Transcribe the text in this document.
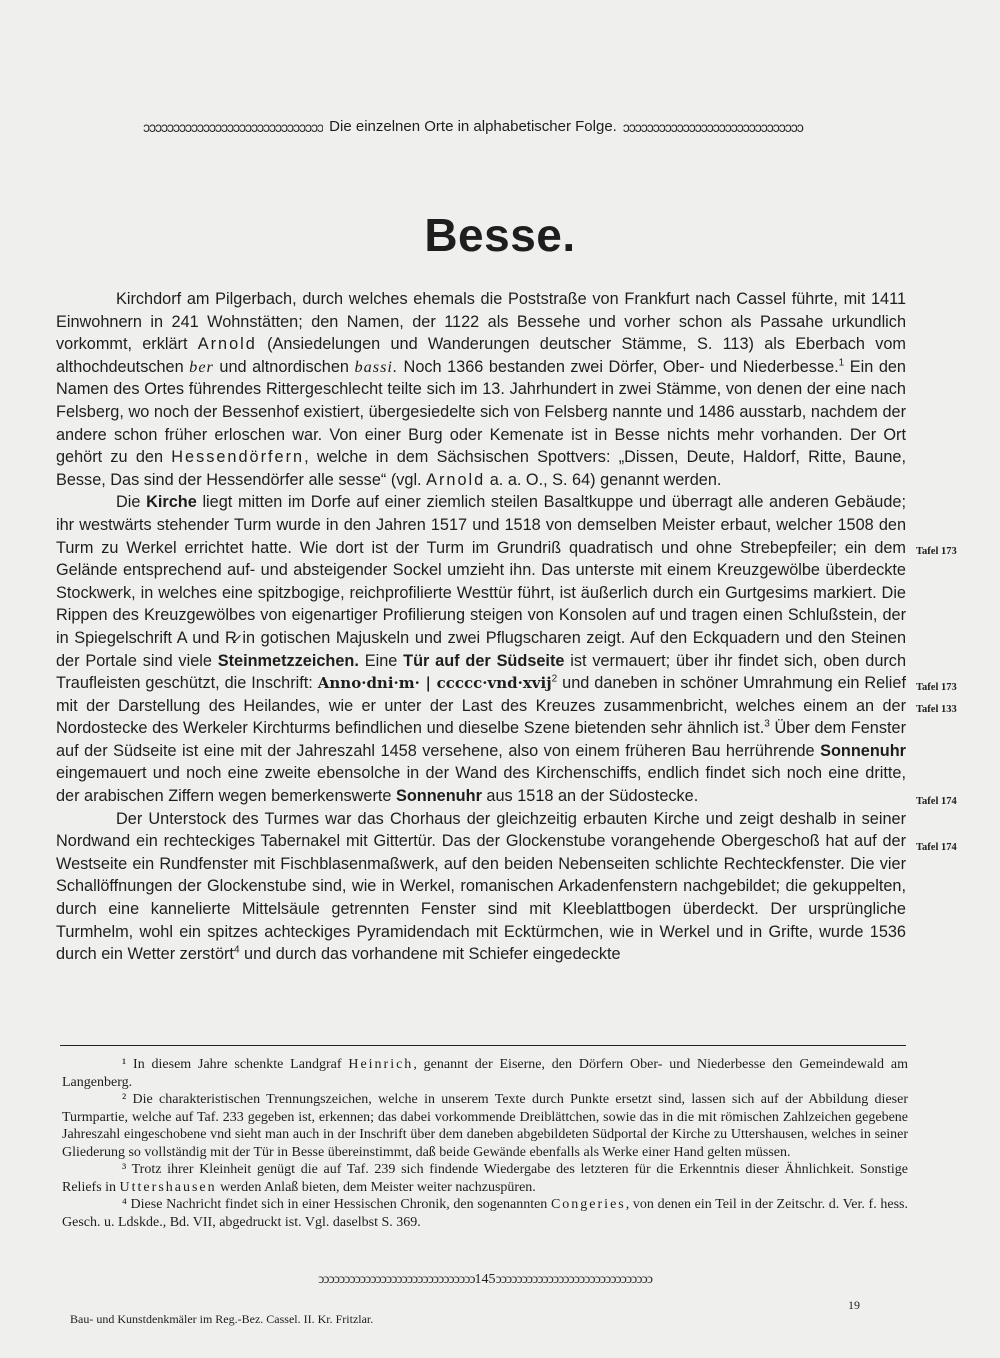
ↄↄↄↄↄↄↄↄↄↄↄↄↄↄↄↄↄↄↄↄↄↄↄↄↄↄↄↄↄↄ Die einzelnen Orte in alphabetischer Folge. ↄↄↄↄↄↄↄↄↄↄↄↄↄↄↄↄↄↄↄↄↄↄↄↄↄↄↄↄↄↄ
Besse.

Kirchdorf am Pilgerbach, durch welches ehemals die Poststraße von Frankfurt nach Cassel führte, mit 1411 Einwohnern in 241 Wohnstätten; den Namen, der 1122 als Bessehe und vorher schon als Passahe urkundlich vorkommt, erklärt Arnold (Ansiedelungen und Wanderungen deutscher Stämme, S. 113) als Eberbach vom althochdeutschen ber und altnordischen bassi. Noch 1366 bestanden zwei Dörfer, Ober- und Niederbesse.$^1$ Ein den Namen des Ortes führendes Rittergeschlecht teilte sich im 13. Jahrhundert in zwei Stämme, von denen der eine nach Felsberg, wo noch der Bessenhof existiert, übergesiedelte sich von Felsberg nannte und 1486 ausstarb, nachdem der andere schon früher erloschen war. Von einer Burg oder Kemenate ist in Besse nichts mehr vorhanden. Der Ort gehört zu den Hessendörfern, welche in dem Sächsischen Spottvers: „Dissen, Deute, Haldorf, Ritte, Baune, Besse, Das sind der Hessendörfer alle sesse“ (vgl. Arnold a. a. O., S. 64) genannt werden.

Die Kirche liegt mitten im Dorfe auf einer ziemlich steilen Basaltkuppe und überragt alle anderen Gebäude; ihr westwärts stehender Turm wurde in den Jahren 1517 und 1518 von demselben Meister erbaut, welcher 1508 den Turm zu Werkel errichtet hatte. Wie dort ist der Turm im Grundriß quadratisch und ohne Strebepfeiler; ein dem Gelände entsprechend auf- und absteigender Sockel umzieht ihn. Das unterste mit einem Kreuzgewölbe überdeckte Stockwerk, in welches eine spitzbogige, reichprofilierte Westtür führt, ist äußerlich durch ein Gurtgesims markiert. Die Rippen des Kreuzgewölbes von eigenartiger Profilierung steigen von Konsolen auf und tragen einen Schlußstein, der in Spiegelschrift A und R̷ in gotischen Majuskeln und zwei Pflugscharen zeigt. Auf den Eckquadern und den Steinen der Portale sind viele Steinmetzzeichen. Eine Tür auf der Südseite ist vermauert; über ihr findet sich, oben durch Traufleisten geschützt, die Inschrift: Anno·dni·m· | ccccc·vnd·xvij$^2$ und daneben in schöner Umrahmung ein Relief mit der Darstellung des Heilandes, wie er unter der Last des Kreuzes zusammenbricht, welches einem an der Nordostecke des Werkeler Kirchturms befindlichen und dieselbe Szene bietenden sehr ähnlich ist.$^3$ Über dem Fenster auf der Südseite ist eine mit der Jahreszahl 1458 versehene, also von einem früheren Bau herrührende Sonnenuhr eingemauert und noch eine zweite ebensolche in der Wand des Kirchenschiffs, endlich findet sich noch eine dritte, der arabischen Ziffern wegen bemerkenswerte Sonnenuhr aus 1518 an der Südostecke.

Der Unterstock des Turmes war das Chorhaus der gleichzeitig erbauten Kirche und zeigt deshalb in seiner Nordwand ein rechteckiges Tabernakel mit Gittertür. Das der Glockenstube vorangehende Obergeschoß hat auf der Westseite ein Rundfenster mit Fischblasenmaßwerk, auf den beiden Nebenseiten schlichte Rechteckfenster. Die vier Schallöffnungen der Glockenstube sind, wie in Werkel, romanischen Arkadenfenstern nachgebildet; die gekuppelten, durch eine kannelierte Mittelsäule getrennten Fenster sind mit Kleeblattbogen überdeckt. Der ursprüngliche Turmhelm, wohl ein spitzes achteckiges Pyramidendach mit Ecktürmchen, wie in Werkel und in Grifte, wurde 1536 durch ein Wetter zerstört$^4$ und durch das vorhandene mit Schiefer eingedeckte

Tafel 173
Tafel 173
Tafel 133
Tafel 174
Tafel 174

¹ In diesem Jahre schenkte Landgraf Heinrich, genannt der Eiserne, den Dörfern Ober- und Niederbesse den Gemeindewald am Langenberg.

² Die charakteristischen Trennungszeichen, welche in unserem Texte durch Punkte ersetzt sind, lassen sich auf der Abbildung dieser Turmpartie, welche auf Taf. 233 gegeben ist, erkennen; das dabei vorkommende Dreiblättchen, sowie das in die mit römischen Zahlzeichen gegebene Jahreszahl eingeschobene vnd sieht man auch in der Inschrift über dem daneben abgebildeten Südportal der Kirche zu Uttershausen, welches in seiner Gliederung so vollständig mit der Tür in Besse übereinstimmt, daß beide Gewände ebenfalls als Werke einer Hand gelten müssen.

³ Trotz ihrer Kleinheit genügt die auf Taf. 239 sich findende Wiedergabe des letzteren für die Erkenntnis dieser Ähnlichkeit. Sonstige Reliefs in Uttershausen werden Anlaß bieten, dem Meister weiter nachzuspüren.

⁴ Diese Nachricht findet sich in einer Hessischen Chronik, den sogenannten Congeries, von denen ein Teil in der Zeitschr. d. Ver. f. hess. Gesch. u. Ldskde., Bd. VII, abgedruckt ist. Vgl. daselbst S. 369.

ↄↄↄↄↄↄↄↄↄↄↄↄↄↄↄↄↄↄↄↄↄↄↄↄↄↄↄↄↄↄ 145 ↄↄↄↄↄↄↄↄↄↄↄↄↄↄↄↄↄↄↄↄↄↄↄↄↄↄↄↄↄↄ
Bau- und Kunstdenkmäler im Reg.-Bez. Cassel. II. Kr. Fritzlar.
19
